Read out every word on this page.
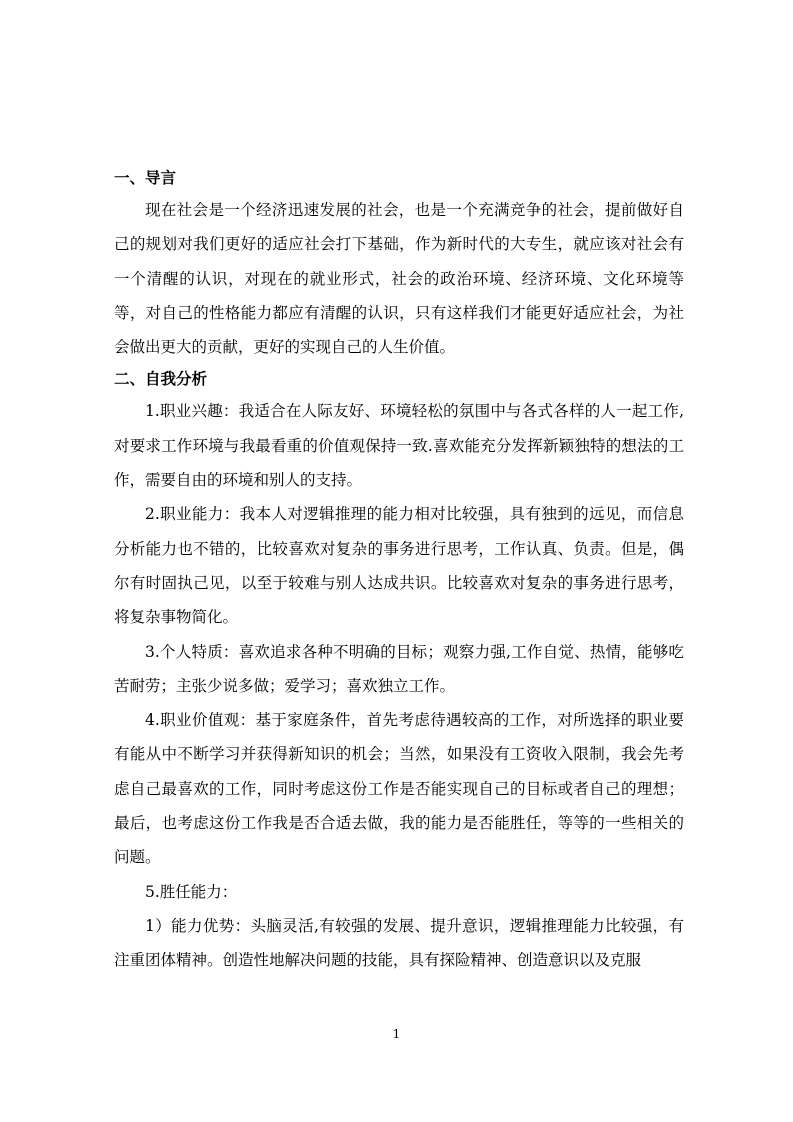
一、导言

现在社会是一个经济迅速发展的社会，也是一个充满竞争的社会，提前做好自己的规划对我们更好的适应社会打下基础，作为新时代的大专生，就应该对社会有一个清醒的认识，对现在的就业形式，社会的政治环境、经济环境、文化环境等等，对自己的性格能力都应有清醒的认识，只有这样我们才能更好适应社会，为社会做出更大的贡献，更好的实现自己的人生价值。

二、自我分析

1.职业兴趣：我适合在人际友好、环境轻松的氛围中与各式各样的人一起工作,对要求工作环境与我最看重的价值观保持一致.喜欢能充分发挥新颖独特的想法的工作，需要自由的环境和别人的支持。

2.职业能力：我本人对逻辑推理的能力相对比较强，具有独到的远见，而信息分析能力也不错的，比较喜欢对复杂的事务进行思考，工作认真、负责。但是，偶尔有时固执己见，以至于较难与别人达成共识。比较喜欢对复杂的事务进行思考，将复杂事物简化。

3.个人特质：喜欢追求各种不明确的目标；观察力强,工作自觉、热情，能够吃苦耐劳；主张少说多做；爱学习；喜欢独立工作。

4.职业价值观：基于家庭条件，首先考虑待遇较高的工作，对所选择的职业要有能从中不断学习并获得新知识的机会；当然，如果没有工资收入限制，我会先考虑自己最喜欢的工作，同时考虑这份工作是否能实现自己的目标或者自己的理想；最后，也考虑这份工作我是否合适去做，我的能力是否能胜任，等等的一些相关的问题。

5.胜任能力：

1）能力优势：头脑灵活,有较强的发展、提升意识，逻辑推理能力比较强，有注重团体精神。创造性地解决问题的技能，具有探险精神、创造意识以及克服

1
